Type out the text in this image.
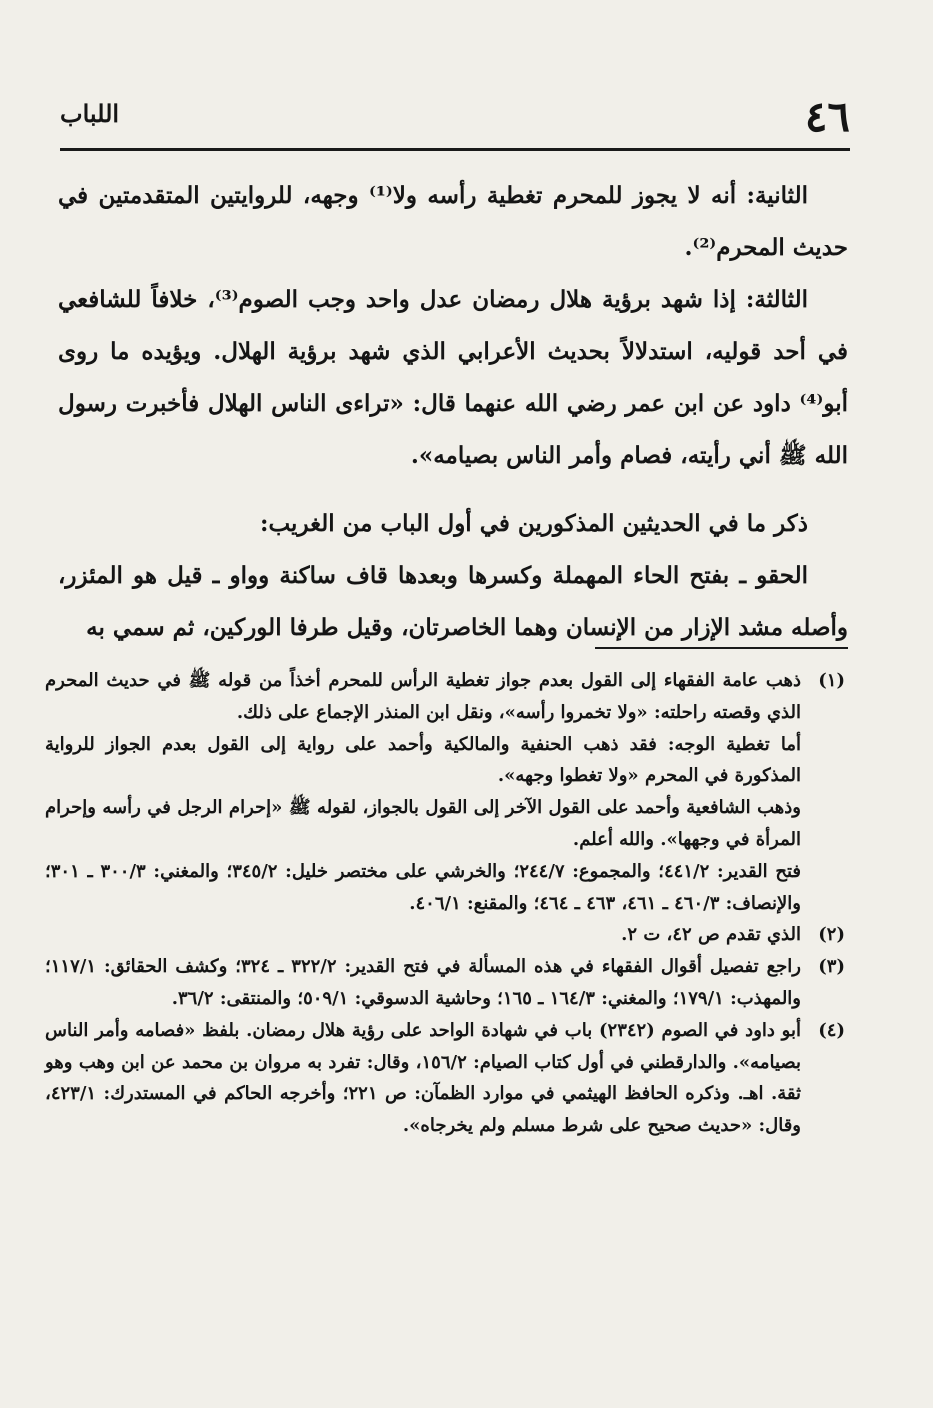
٤٦
اللباب

الثانية: أنه لا يجوز للمحرم تغطية رأسه ولا⁽¹⁾ وجهه، للروايتين المتقدمتين في حديث المحرم⁽²⁾.

الثالثة: إذا شهد برؤية هلال رمضان عدل واحد وجب الصوم⁽³⁾، خلافاً للشافعي في أحد قوليه، استدلالاً بحديث الأعرابي الذي شهد برؤية الهلال. ويؤيده ما روى أبو⁽⁴⁾ داود عن ابن عمر رضي الله عنهما قال: «تراءى الناس الهلال فأخبرت رسول الله ﷺ أني رأيته، فصام وأمر الناس بصيامه».

ذكر ما في الحديثين المذكورين في أول الباب من الغريب:

الحقو ـ بفتح الحاء المهملة وكسرها وبعدها قاف ساكنة وواو ـ قيل هو المئزر، وأصله مشد الإزار من الإنسان وهما الخاصرتان، وقيل طرفا الوركين، ثم سمي به

(١)

ذهب عامة الفقهاء إلى القول بعدم جواز تغطية الرأس للمحرم أخذاً من قوله ﷺ في حديث المحرم الذي وقصته راحلته: «ولا تخمروا رأسه»، ونقل ابن المنذر الإجماع على ذلك.

أما تغطية الوجه: فقد ذهب الحنفية والمالكية وأحمد على رواية إلى القول بعدم الجواز للرواية المذكورة في المحرم «ولا تغطوا وجهه».

وذهب الشافعية وأحمد على القول الآخر إلى القول بالجواز، لقوله ﷺ «إحرام الرجل في رأسه وإحرام المرأة في وجهها». والله أعلم.

فتح القدير: ٤٤١/٢؛ والمجموع: ٢٤٤/٧؛ والخرشي على مختصر خليل: ٣٤٥/٢؛ والمغني: ٣٠٠/٣ ـ ٣٠١؛ والإنصاف: ٤٦٠/٣ ـ ٤٦١، ٤٦٣ ـ ٤٦٤؛ والمقنع: ٤٠٦/١.

(٢)

الذي تقدم ص ٤٢، ت ٢.

(٣)

راجع تفصيل أقوال الفقهاء في هذه المسألة في فتح القدير: ٣٢٢/٢ ـ ٣٢٤؛ وكشف الحقائق: ١١٧/١؛ والمهذب: ١٧٩/١؛ والمغني: ١٦٤/٣ ـ ١٦٥؛ وحاشية الدسوقي: ٥٠٩/١؛ والمنتقى: ٣٦/٢.

(٤)

أبو داود في الصوم (٢٣٤٢) باب في شهادة الواحد على رؤية هلال رمضان. بلفظ «فصامه وأمر الناس بصيامه». والدارقطني في أول كتاب الصيام: ١٥٦/٢، وقال: تفرد به مروان بن محمد عن ابن وهب وهو ثقة. اهـ. وذكره الحافظ الهيثمي في موارد الظمآن: ص ٢٢١؛ وأخرجه الحاكم في المستدرك: ٤٢٣/١، وقال: «حديث صحيح على شرط مسلم ولم يخرجاه».
